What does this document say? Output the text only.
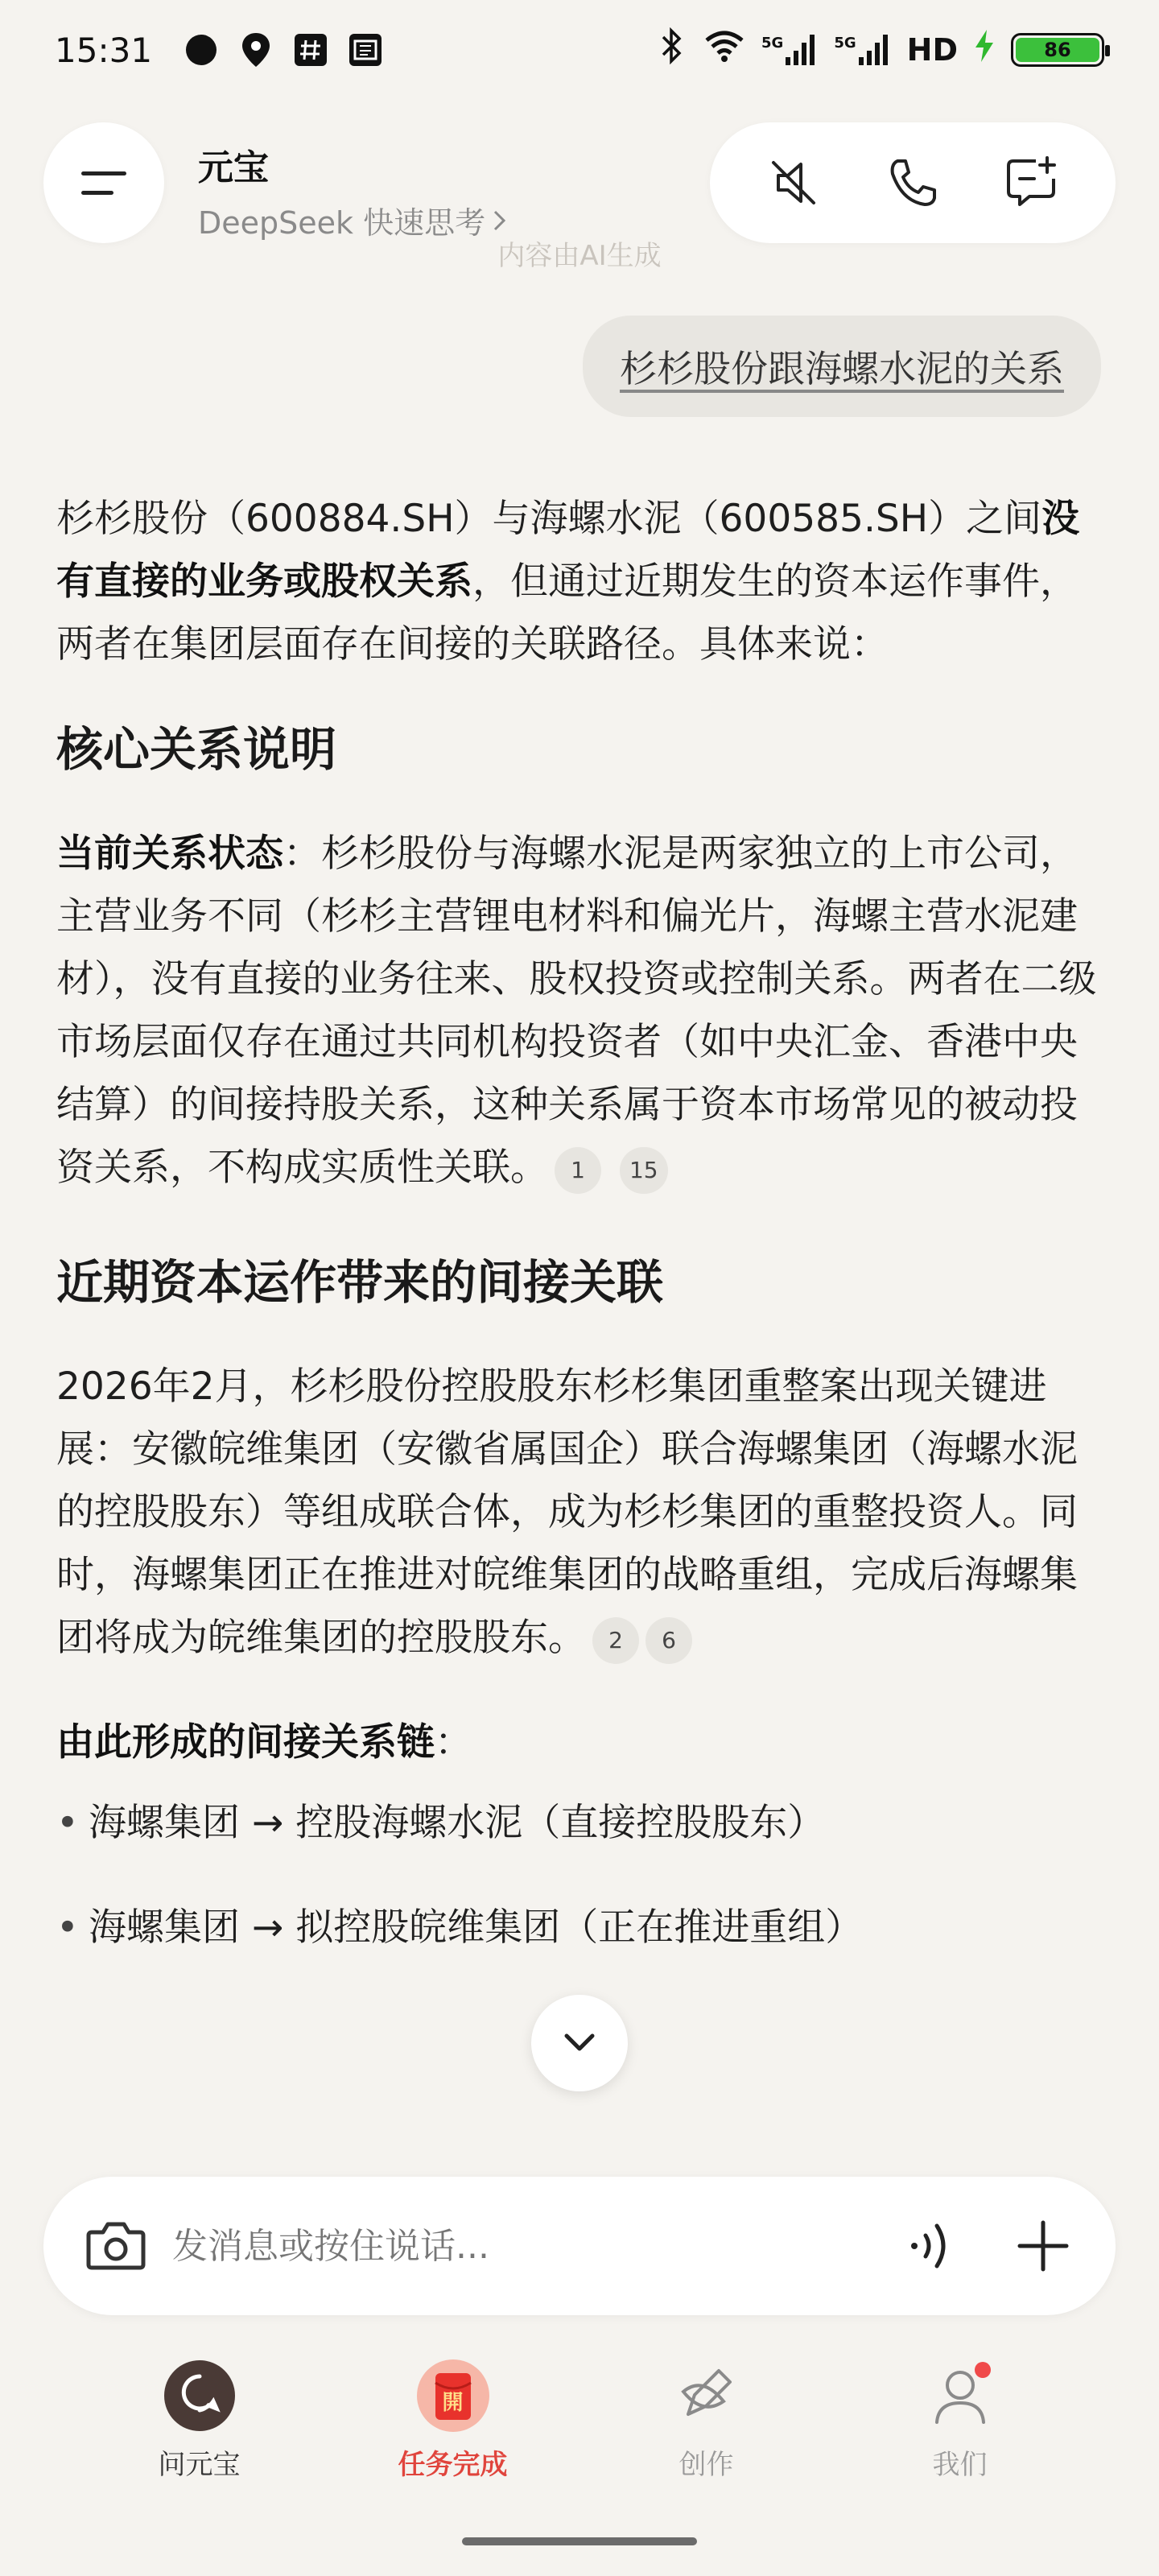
15:31	5G	5G HD	86
元宝
DeepSeek 快速思考
内容由AI生成
杉杉股份跟海螺水泥的关系

杉杉股份（600884.SH）与海螺水泥（600585.SH）之间没有直接的业务或股权关系，但通过近期发生的资本运作事件，两者在集团层面存在间接的关联路径。具体来说：

核心关系说明

当前关系状态：杉杉股份与海螺水泥是两家独立的上市公司，主营业务不同（杉杉主营锂电材料和偏光片，海螺主营水泥建材），没有直接的业务往来、股权投资或控制关系。两者在二级市场层面仅存在通过共同机构投资者（如中央汇金、香港中央结算）的间接持股关系，这种关系属于资本市场常见的被动投资关系，不构成实质性关联。 1 15

近期资本运作带来的间接关联

2026年2月，杉杉股份控股股东杉杉集团重整案出现关键进展：安徽皖维集团（安徽省属国企）联合海螺集团（海螺水泥的控股股东）等组成联合体，成为杉杉集团的重整投资人。同时，海螺集团正在推进对皖维集团的战略重组，完成后海螺集团将成为皖维集团的控股股东。 2 6

由此形成的间接关系链：

• 海螺集团 → 控股海螺水泥（直接控股股东）
• 海螺集团 → 拟控股皖维集团（正在推进重组）
发消息或按住说话...
问元宝
開
任务完成	创作	我们
